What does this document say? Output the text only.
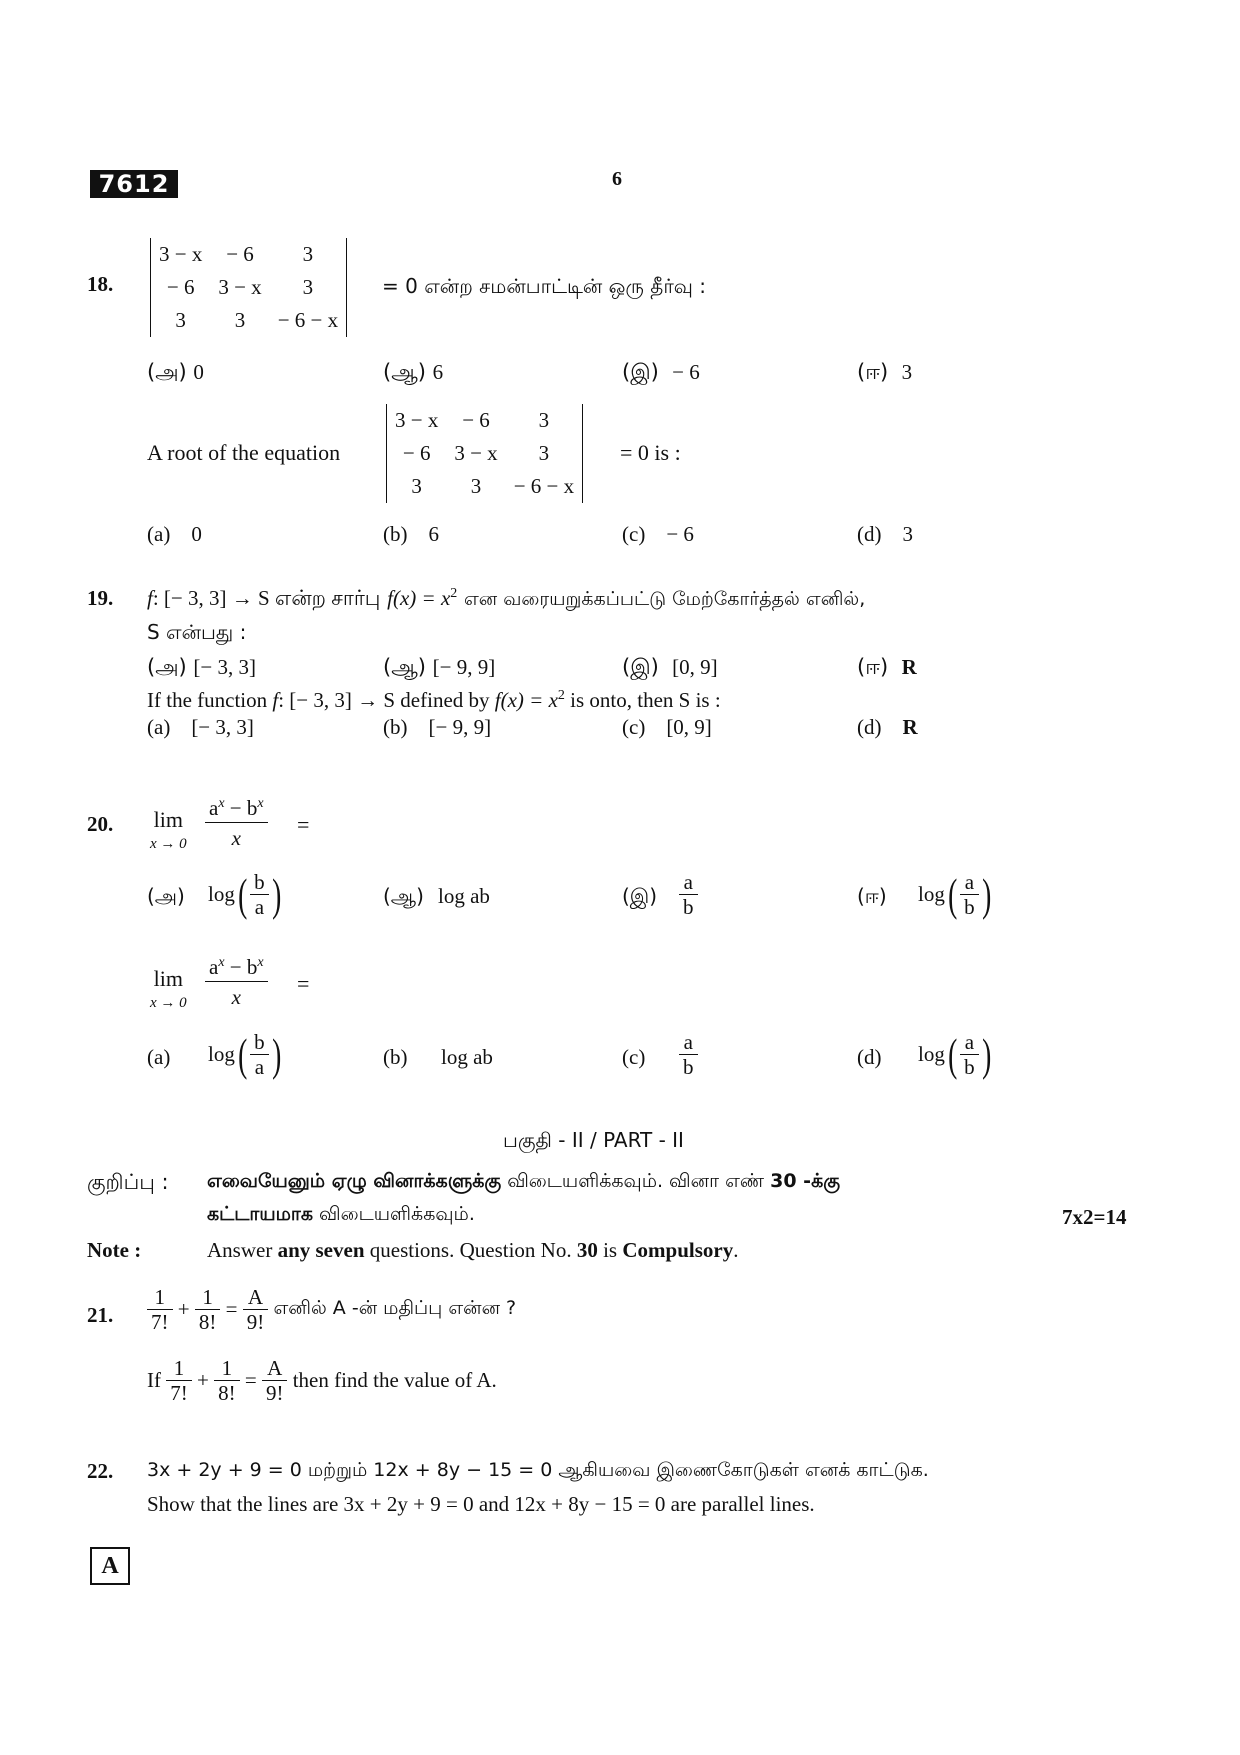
7612	6
18.
3 − x	− 6	3
− 6	3 − x	3
3	3	− 6 − x
= 0 என்ற சமன்பாட்டின் ஒரு தீர்வு :
(அ) 0	(ஆ) 6	(இ) − 6	(ஈ) 3
A root of the equation
3 − x	− 6	3
− 6	3 − x	3
3	3	− 6 − x
= 0 is :
(a) 0	(b) 6	(c) − 6	(d) 3
19. f: [− 3, 3] → S என்ற சார்பு $f(x) = x^2$ என வரையறுக்கப்பட்டு மேற்கோர்த்தல் எனில்,
S என்பது :
(அ) [− 3, 3]	(ஆ) [− 9, 9]	(இ) [0, 9]	(ஈ) R
If the function f: [− 3, 3] → S defined by $f(x) = x^2$ is onto, then S is :
(a) [− 3, 3]	(b) [− 9, 9]	(c) [0, 9]	(d) R
20. lim
x → 0
$a^x - b^x$
x
=
(அ) $\log( \frac{b}{a}$ )	(ஆ) log ab	(இ) $\frac{a}{b}$	(ஈ) $\log( \frac{a}{b}$ )
lim
x → 0
$a^x - b^x$
x
=
(a) $\log( \frac{b}{a}$ )	(b) log ab	$(c) \frac{a}{b}$	(d) $\log( \frac{a}{b}$ )
பகுதி - II / PART - II
குறிப்பு : எவையேனும் ஏழு வினாக்களுக்கு விடையளிக்கவும். வினா எண் 30 -க்கு
கட்டாயமாக விடையளிக்கவும்.	7x2=14
Note :	Answer any seven questions. Question No. 30 is Compulsory.
21. $\frac{1}{7!} + \frac{1}{8!} = \frac{A}{9!}$ எனில் A -ன் மதிப்பு என்ன ?
If $\frac{1}{7!} + \frac{1}{8!} = \frac{A}{9!}$ then find the value of A.
22. 3x + 2y + 9 = 0 மற்றும் 12x + 8y − 15 = 0 ஆகியவை இணைகோடுகள் எனக் காட்டுக.
Show that the lines are 3x + 2y + 9 = 0 and 12x + 8y − 15 = 0 are parallel lines.
A
